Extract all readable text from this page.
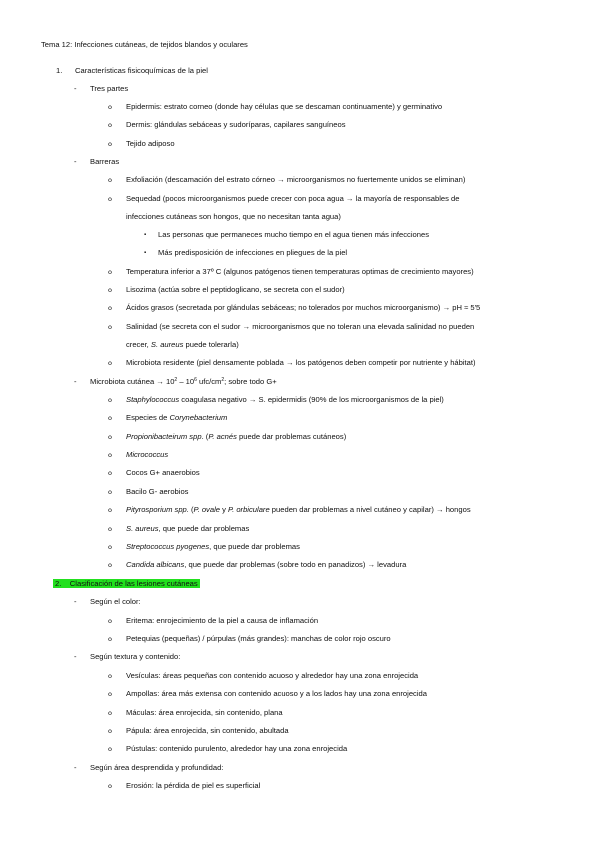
Tema 12: Infecciones cutáneas, de tejidos blandos y oculares
1. Características fisicoquímicas de la piel
- Tres partes
o Epidermis: estrato corneo (donde hay células que se descaman continuamente) y germinativo
o Dermis: glándulas sebáceas y sudoríparas, capilares sanguíneos
o Tejido adiposo
- Barreras
o Exfoliación (descamación del estrato córneo → microorganismos no fuertemente unidos se eliminan)
o Sequedad (pocos microorganismos puede crecer con poca agua → la mayoría de responsables de
infecciones cutáneas son hongos, que no necesitan tanta agua)
▪ Las personas que permaneces mucho tiempo en el agua tienen más infecciones
▪ Más predisposición de infecciones en pliegues de la piel
o Temperatura inferior a 37º C (algunos patógenos tienen temperaturas optimas de crecimiento mayores)
o Lisozima (actúa sobre el peptidoglicano, se secreta con el sudor)
o Ácidos grasos (secretada por glándulas sebáceas; no tolerados por muchos microorganismo) → pH ≈ 5'5
o Salinidad (se secreta con el sudor → microorganismos que no toleran una elevada salinidad no pueden
crecer, S. aureus puede tolerarla)
o Microbiota residente (piel densamente poblada → los patógenos deben competir por nutriente y hábitat)
- Microbiota cutánea → $10^2 - 10^6$ ufc/$cm^2$; sobre todo G+
o Staphylococcus coagulasa negativo → S. epidermidis (90% de los microorganismos de la piel)
o Especies de Corynebacterium
o Propionibacteirum spp. (P. acnés puede dar problemas cutáneos)
o Micrococcus
o Cocos G+ anaerobios
o Bacilo G- aerobios
o Pityrosporium spp. (P. ovale y P. orbiculare pueden dar problemas a nivel cutáneo y capilar) → hongos
o S. aureus, que puede dar problemas
o Streptococcus pyogenes, que puede dar problemas
o Candida albicans, que puede dar problemas (sobre todo en panadizos) → levadura
2. Clasificación de las lesiones cutáneas
- Según el color:
o Eritema: enrojecimiento de la piel a causa de inflamación
o Petequias (pequeñas) / púrpulas (más grandes): manchas de color rojo oscuro
- Según textura y contenido:
o Vesículas: áreas pequeñas con contenido acuoso y alrededor hay una zona enrojecida
o Ampollas: área más extensa con contenido acuoso y a los lados hay una zona enrojecida
o Máculas: área enrojecida, sin contenido, plana
o Pápula: área enrojecida, sin contenido, abultada
o Pústulas: contenido purulento, alrededor hay una zona enrojecida
- Según área desprendida y profundidad:
o Erosión: la pérdida de piel es superficial
